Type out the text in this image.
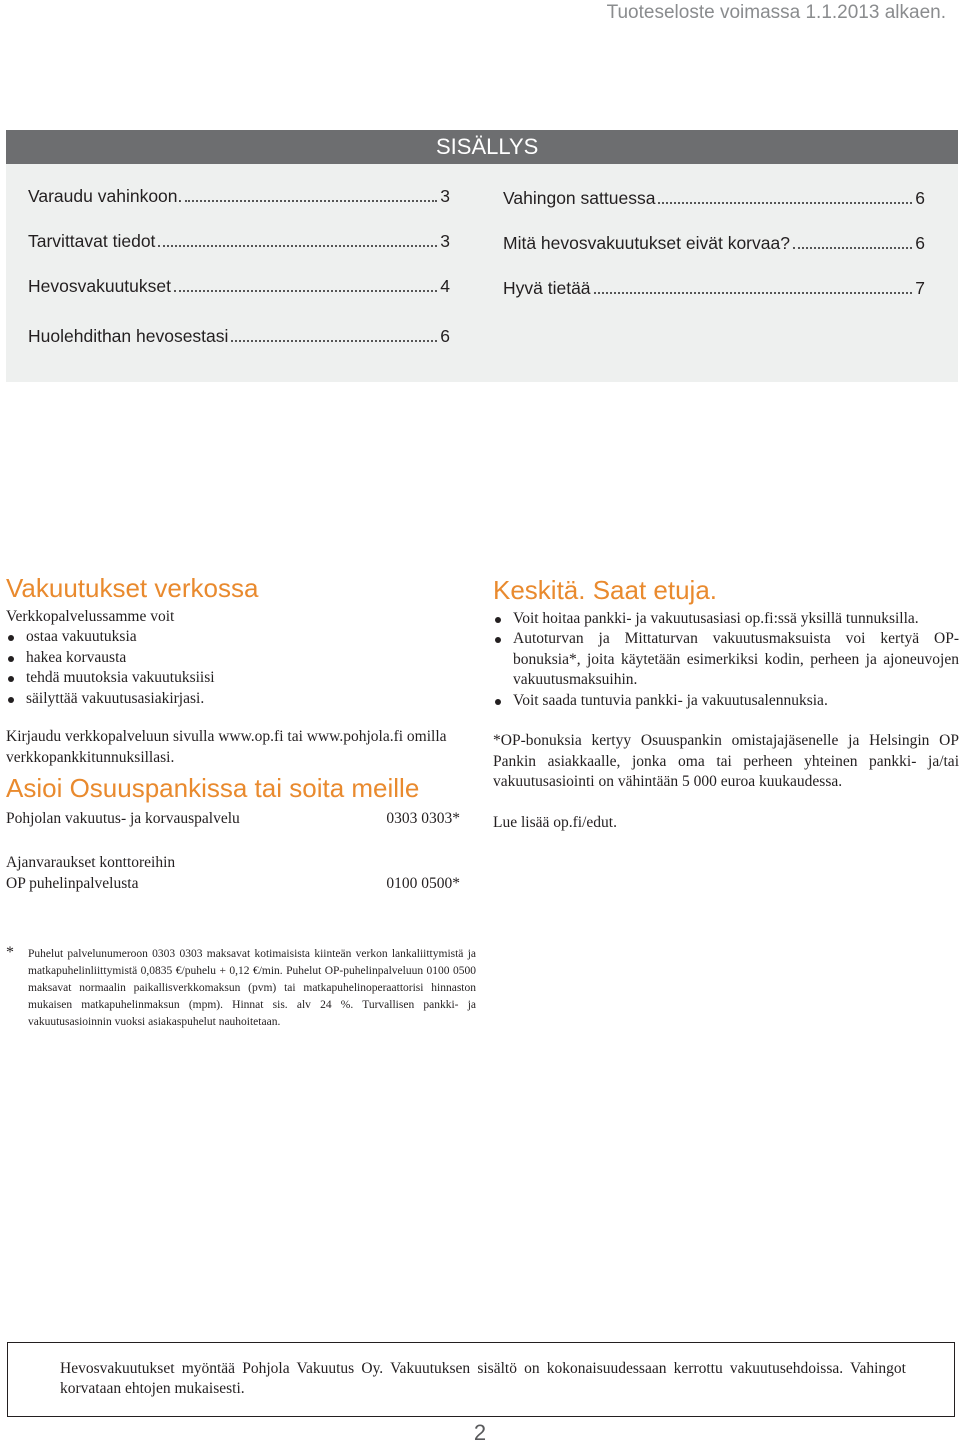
Tuoteseloste voimassa 1.1.2013 alkaen.
SISÄLLYS
Varaudu vahinkoon.	3
Tarvittavat tiedot	3
Hevosvakuutukset	4
Huolehdithan hevosestasi	6
Vahingon sattuessa	6
Mitä hevosvakuutukset eivät korvaa?	6
Hyvä tietää	7
Vakuutukset verkossa
Verkkopalvelussamme voit
ostaa vakuutuksia
hakea korvausta
tehdä muutoksia vakuutuksiisi
säilyttää vakuutusasiakirjasi.
Kirjaudu verkkopalveluun sivulla www.op.fi tai www.pohjola.fi omilla verkkopankkitunnuksillasi.
Asioi Osuuspankissa tai soita meille
Pohjolan vakuutus- ja korvauspalvelu	0303 0303*
Ajanvaraukset konttoreihin
OP puhelinpalvelusta	0100 0500*
* Puhelut palvelunumeroon 0303 0303 maksavat kotimaisista kiinteän verkon lankaliittymistä ja matkapuhelinliittymistä 0,0835 €/puhelu + 0,12 €/min. Puhelut OP-puhelinpalveluun 0100 0500 maksavat normaalin paikallisverkkomaksun (pvm) tai matkapuhelinoperaattorisi hinnaston mukaisen matkapuhelinmaksun (mpm). Hinnat sis. alv 24 %. Turvallisen pankki- ja vakuutusasioinnin vuoksi asiakaspuhelut nauhoitetaan.
Keskitä. Saat etuja.
Voit hoitaa pankki- ja vakuutusasiasi op.fi:ssä yksillä tunnuksilla.
Autoturvan ja Mittaturvan vakuutusmaksuista voi kertyä OP-bonuksia*, joita käytetään esimerkiksi kodin, perheen ja ajoneuvojen vakuutusmaksuihin.
Voit saada tuntuvia pankki- ja vakuutusalennuksia.
*OP-bonuksia kertyy Osuuspankin omistajajäsenelle ja Helsingin OP Pankin asiakkaalle, jonka oma tai perheen yhteinen pankki- ja/tai vakuutusasiointi on vähintään 5 000 euroa kuukaudessa.
Lue lisää op.fi/edut.

Hevosvakuutukset myöntää Pohjola Vakuutus Oy. Vakuutuksen sisältö on kokonaisuudessaan kerrottu vakuutusehdoissa. Vahingot korvataan ehtojen mukaisesti.

2
